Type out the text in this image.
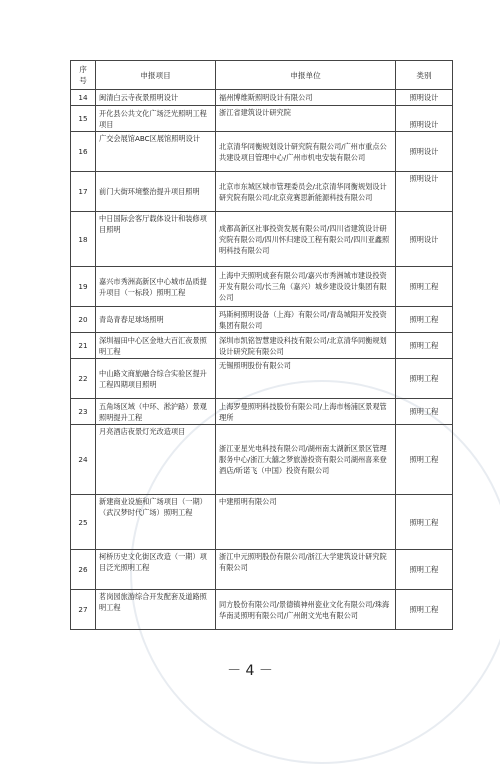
序
号	申报项目	申报单位	类别
14	闽清白云寺夜景照明设计	福州博维斯照明设计有限公司	照明设计
15	开化县公共文化广场泛光照明工程项目	浙江省建筑设计研究院	照明设计
16	广交会展馆ABC区展馆照明设计	北京清华同衡规划设计研究院有限公司/广州市重点公共建设项目管理中心/广州市机电安装有限公司	照明设计
17	前门大街环境整治提升项目照明	北京市东城区城市管理委员会/北京清华同衡规划设计研究院有限公司/北京竞赛思新能源科技有限公司	照明设计
18	中日国际会客厅载体设计和装修项目照明	成都高新区社事投资发展有限公司/四川省建筑设计研究院有限公司/四川怀归建设工程有限公司/四川亚鑫照明科技有限公司	照明设计
19	嘉兴市秀洲高新区中心城市品质提升项目（一标段）照明工程	上海中天照明成套有限公司/嘉兴市秀洲城市建设投资开发有限公司/长三角（嘉兴）城乡建设设计集团有限公司	照明工程
20	青岛青春足球场照明	玛斯柯照明设备（上海）有限公司/青岛城阳开发投资集团有限公司	照明工程
21	深圳福田中心区金地大百汇夜景照明工程	深圳市凯铭智慧建设科技有限公司/北京清华同衡规划设计研究院有限公司	照明工程
22	中山路文商旅融合综合实验区提升工程四期项目照明	无锡照明股份有限公司	照明工程
23	五角场区域（中环、淞沪路）景观照明提升工程	上海罗曼照明科技股份有限公司/上海市杨浦区景观管理所	照明工程
24	月亮酒店夜景灯光改造项目	浙江亚星光电科技有限公司/湖州南太湖新区景区管理服务中心/浙江大囍之梦旅游投资有限公司湖州喜来登酒店/昕诺飞（中国）投资有限公司	照明工程
25	新建商业设施和广场项目（一期）（武汉梦时代广场）照明工程	中建照明有限公司	照明工程
26	柯桥历史文化街区改造（一期）项目泛光照明工程	浙江中元照明股份有限公司/浙江大学建筑设计研究院有限公司	照明工程
27	茗岗园旅游综合开发配套及道路照明工程	同方股份有限公司/景德镇神州瓷业文化有限公司/珠海华南灵照明有限公司/广州朗文光电有限公司	照明工程
－ 4 －
